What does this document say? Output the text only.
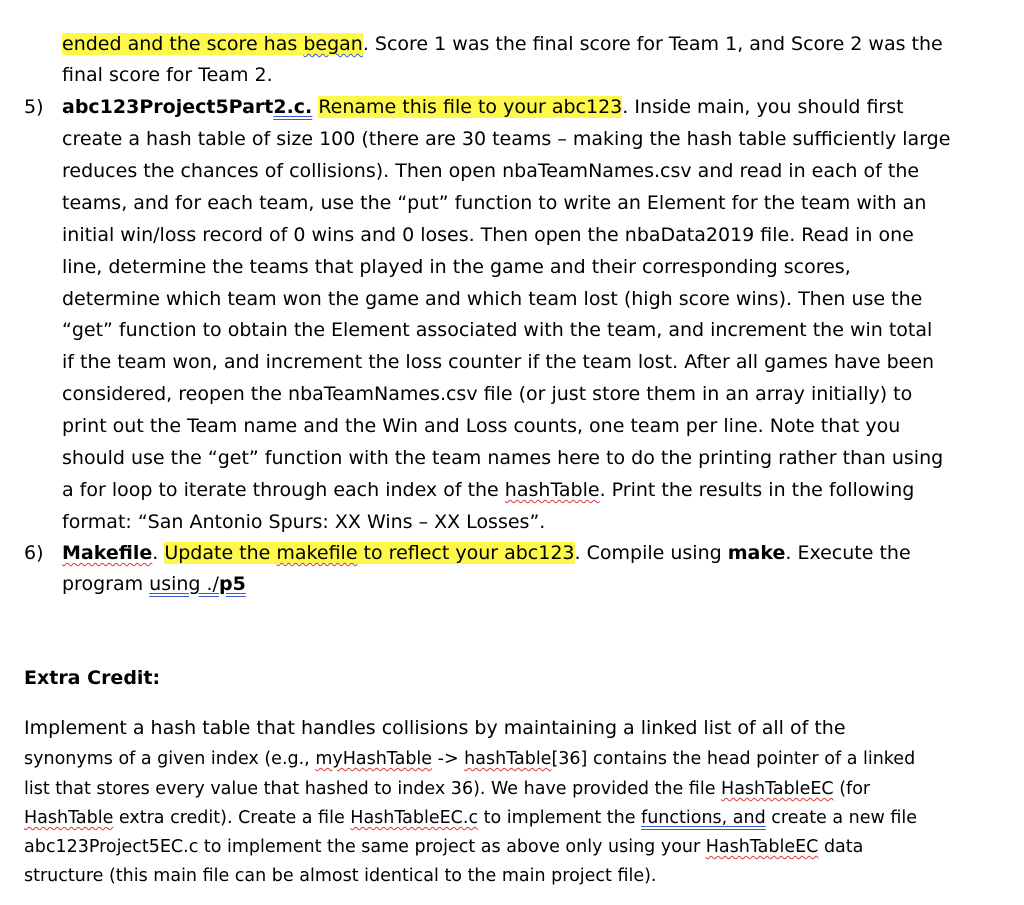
ended and the score has began. Score 1 was the final score for Team 1, and Score 2 was the
final score for Team 2.
5) abc123Project5Part2.c. Rename this file to your abc123. Inside main, you should first
create a hash table of size 100 (there are 30 teams – making the hash table sufficiently large
reduces the chances of collisions). Then open nbaTeamNames.csv and read in each of the
teams, and for each team, use the “put” function to write an Element for the team with an
initial win/loss record of 0 wins and 0 loses. Then open the nbaData2019 file. Read in one
line, determine the teams that played in the game and their corresponding scores,
determine which team won the game and which team lost (high score wins). Then use the
“get” function to obtain the Element associated with the team, and increment the win total
if the team won, and increment the loss counter if the team lost. After all games have been
considered, reopen the nbaTeamNames.csv file (or just store them in an array initially) to
print out the Team name and the Win and Loss counts, one team per line. Note that you
should use the “get” function with the team names here to do the printing rather than using
a for loop to iterate through each index of the hashTable. Print the results in the following
format: “San Antonio Spurs: XX Wins – XX Losses”.
6) Makefile. Update the makefile to reflect your abc123. Compile using make. Execute the
program using ./p5
Extra Credit:
Implement a hash table that handles collisions by maintaining a linked list of all of the
synonyms of a given index (e.g., myHashTable -> hashTable[36] contains the head pointer of a linked
list that stores every value that hashed to index 36). We have provided the file HashTableEC (for
HashTable extra credit). Create a file HashTableEC.c to implement the functions, and create a new file
abc123Project5EC.c to implement the same project as above only using your HashTableEC data
structure (this main file can be almost identical to the main project file).
